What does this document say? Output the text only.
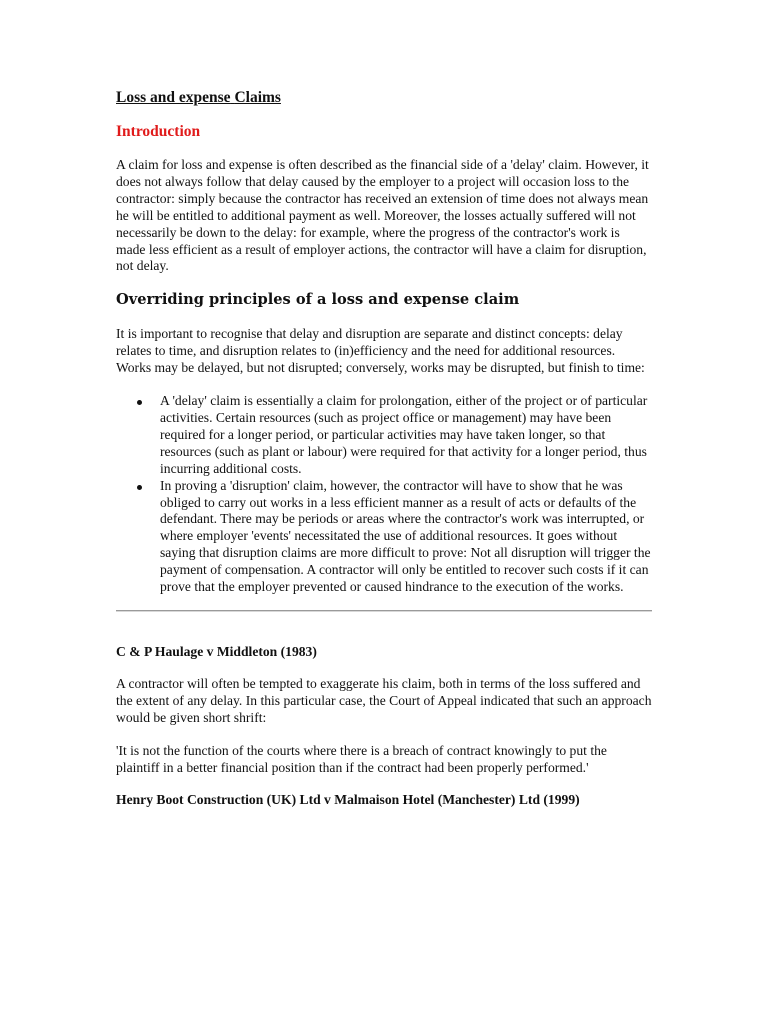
Loss and expense Claims
Introduction

A claim for loss and expense is often described as the financial side of a 'delay' claim. However, it does not always follow that delay caused by the employer to a project will occasion loss to the contractor: simply because the contractor has received an extension of time does not always mean he will be entitled to additional payment as well. Moreover, the losses actually suffered will not necessarily be down to the delay: for example, where the progress of the contractor's work is made less efficient as a result of employer actions, the contractor will have a claim for disruption, not delay.

Overriding principles of a loss and expense claim

It is important to recognise that delay and disruption are separate and distinct concepts: delay relates to time, and disruption relates to (in)efficiency and the need for additional resources. Works may be delayed, but not disrupted; conversely, works may be disrupted, but finish to time:

A 'delay' claim is essentially a claim for prolongation, either of the project or of particular activities. Certain resources (such as project office or management) may have been required for a longer period, or particular activities may have taken longer, so that resources (such as plant or labour) were required for that activity for a longer period, thus incurring additional costs.
In proving a 'disruption' claim, however, the contractor will have to show that he was obliged to carry out works in a less efficient manner as a result of acts or defaults of the defendant. There may be periods or areas where the contractor's work was interrupted, or where employer 'events' necessitated the use of additional resources. It goes without saying that disruption claims are more difficult to prove: Not all disruption will trigger the payment of compensation. A contractor will only be entitled to recover such costs if it can prove that the employer prevented or caused hindrance to the execution of the works.
C & P Haulage v Middleton (1983)

A contractor will often be tempted to exaggerate his claim, both in terms of the loss suffered and the extent of any delay. In this particular case, the Court of Appeal indicated that such an approach would be given short shrift:

'It is not the function of the courts where there is a breach of contract knowingly to put the plaintiff in a better financial position than if the contract had been properly performed.'

Henry Boot Construction (UK) Ltd v Malmaison Hotel (Manchester) Ltd (1999)
